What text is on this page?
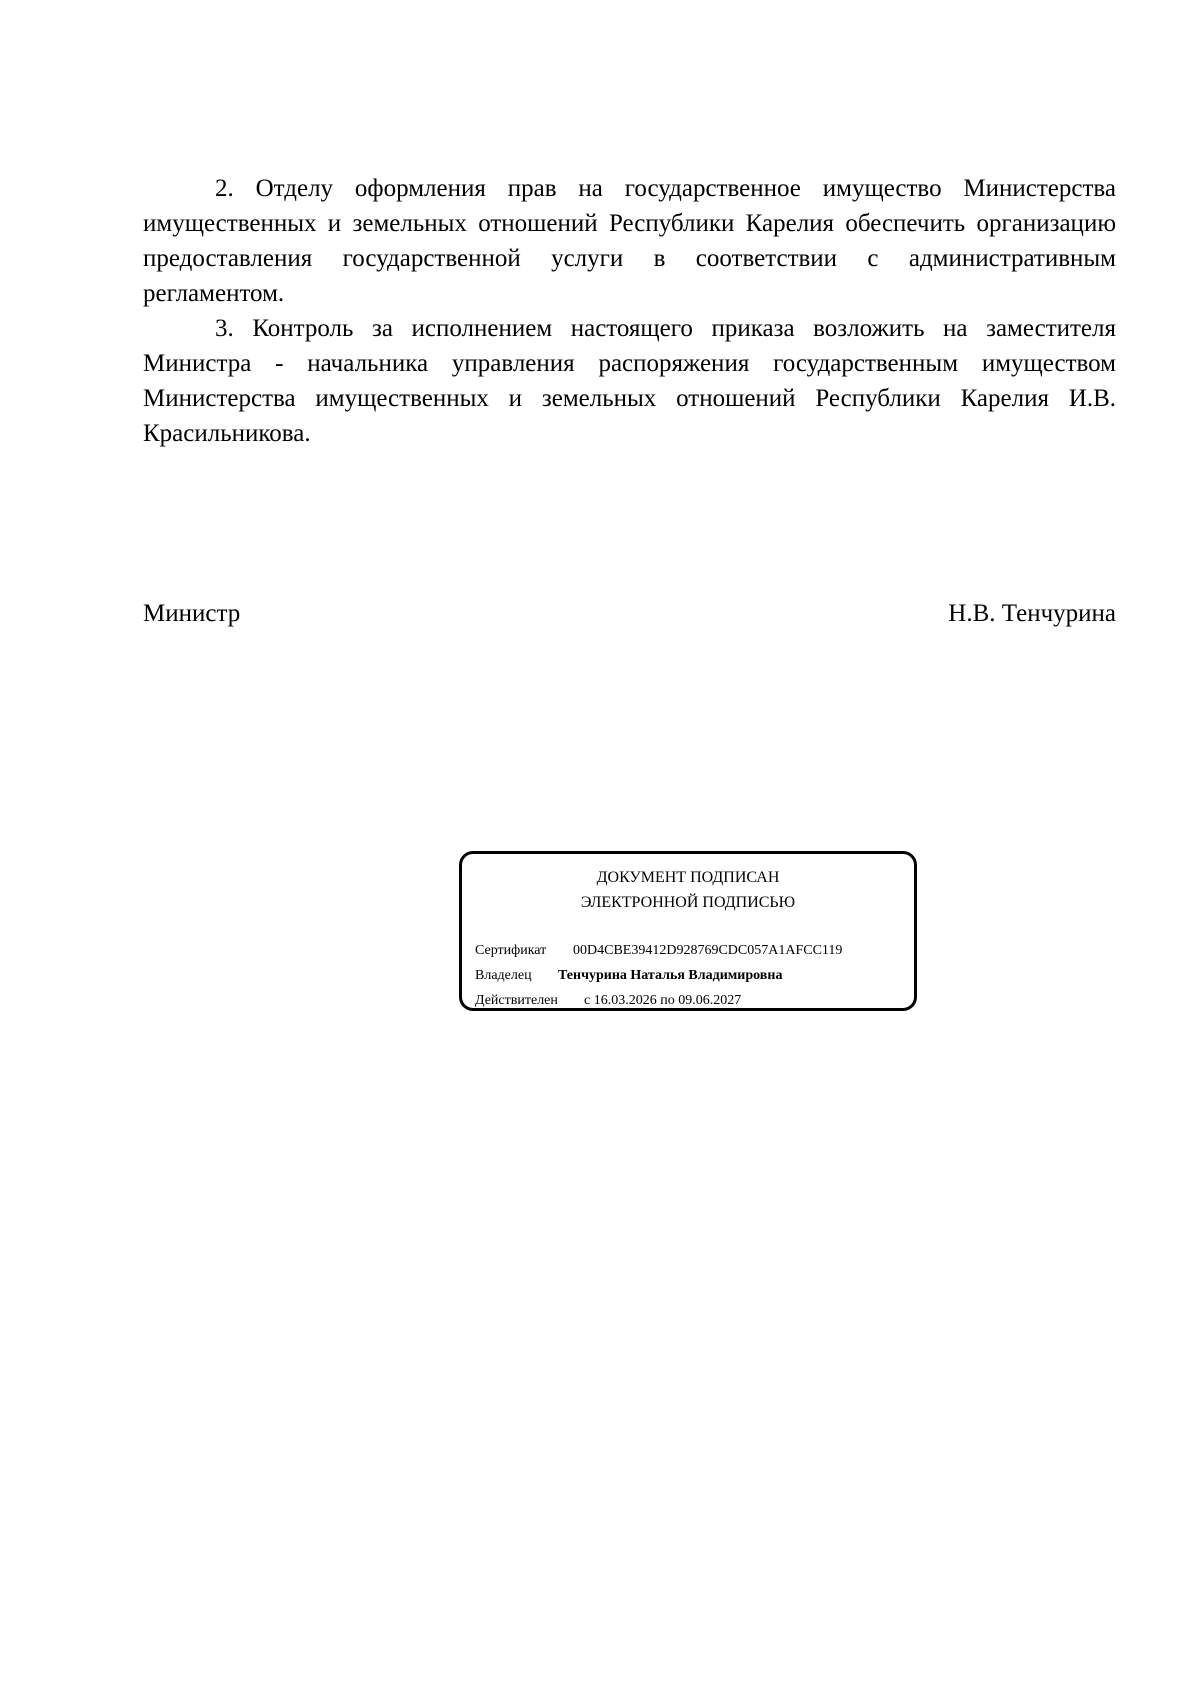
2. Отделу оформления прав на государственное имущество Министерства имущественных и земельных отношений Республики Карелия обеспечить организацию предоставления государственной услуги в соответствии с административным регламентом.

3. Контроль за исполнением настоящего приказа возложить на заместителя Министра - начальника управления распоряжения государственным имуществом Министерства имущественных и земельных отношений Республики Карелия И.В. Красильникова.

Министр	Н.В. Тенчурина
ДОКУМЕНТ ПОДПИСАН
ЭЛЕКТРОННОЙ ПОДПИСЬЮ
Сертификат 00D4CBE39412D928769CDC057A1AFCC119
Владелец Тенчурина Наталья Владимировна
Действителен с 16.03.2026 по 09.06.2027
